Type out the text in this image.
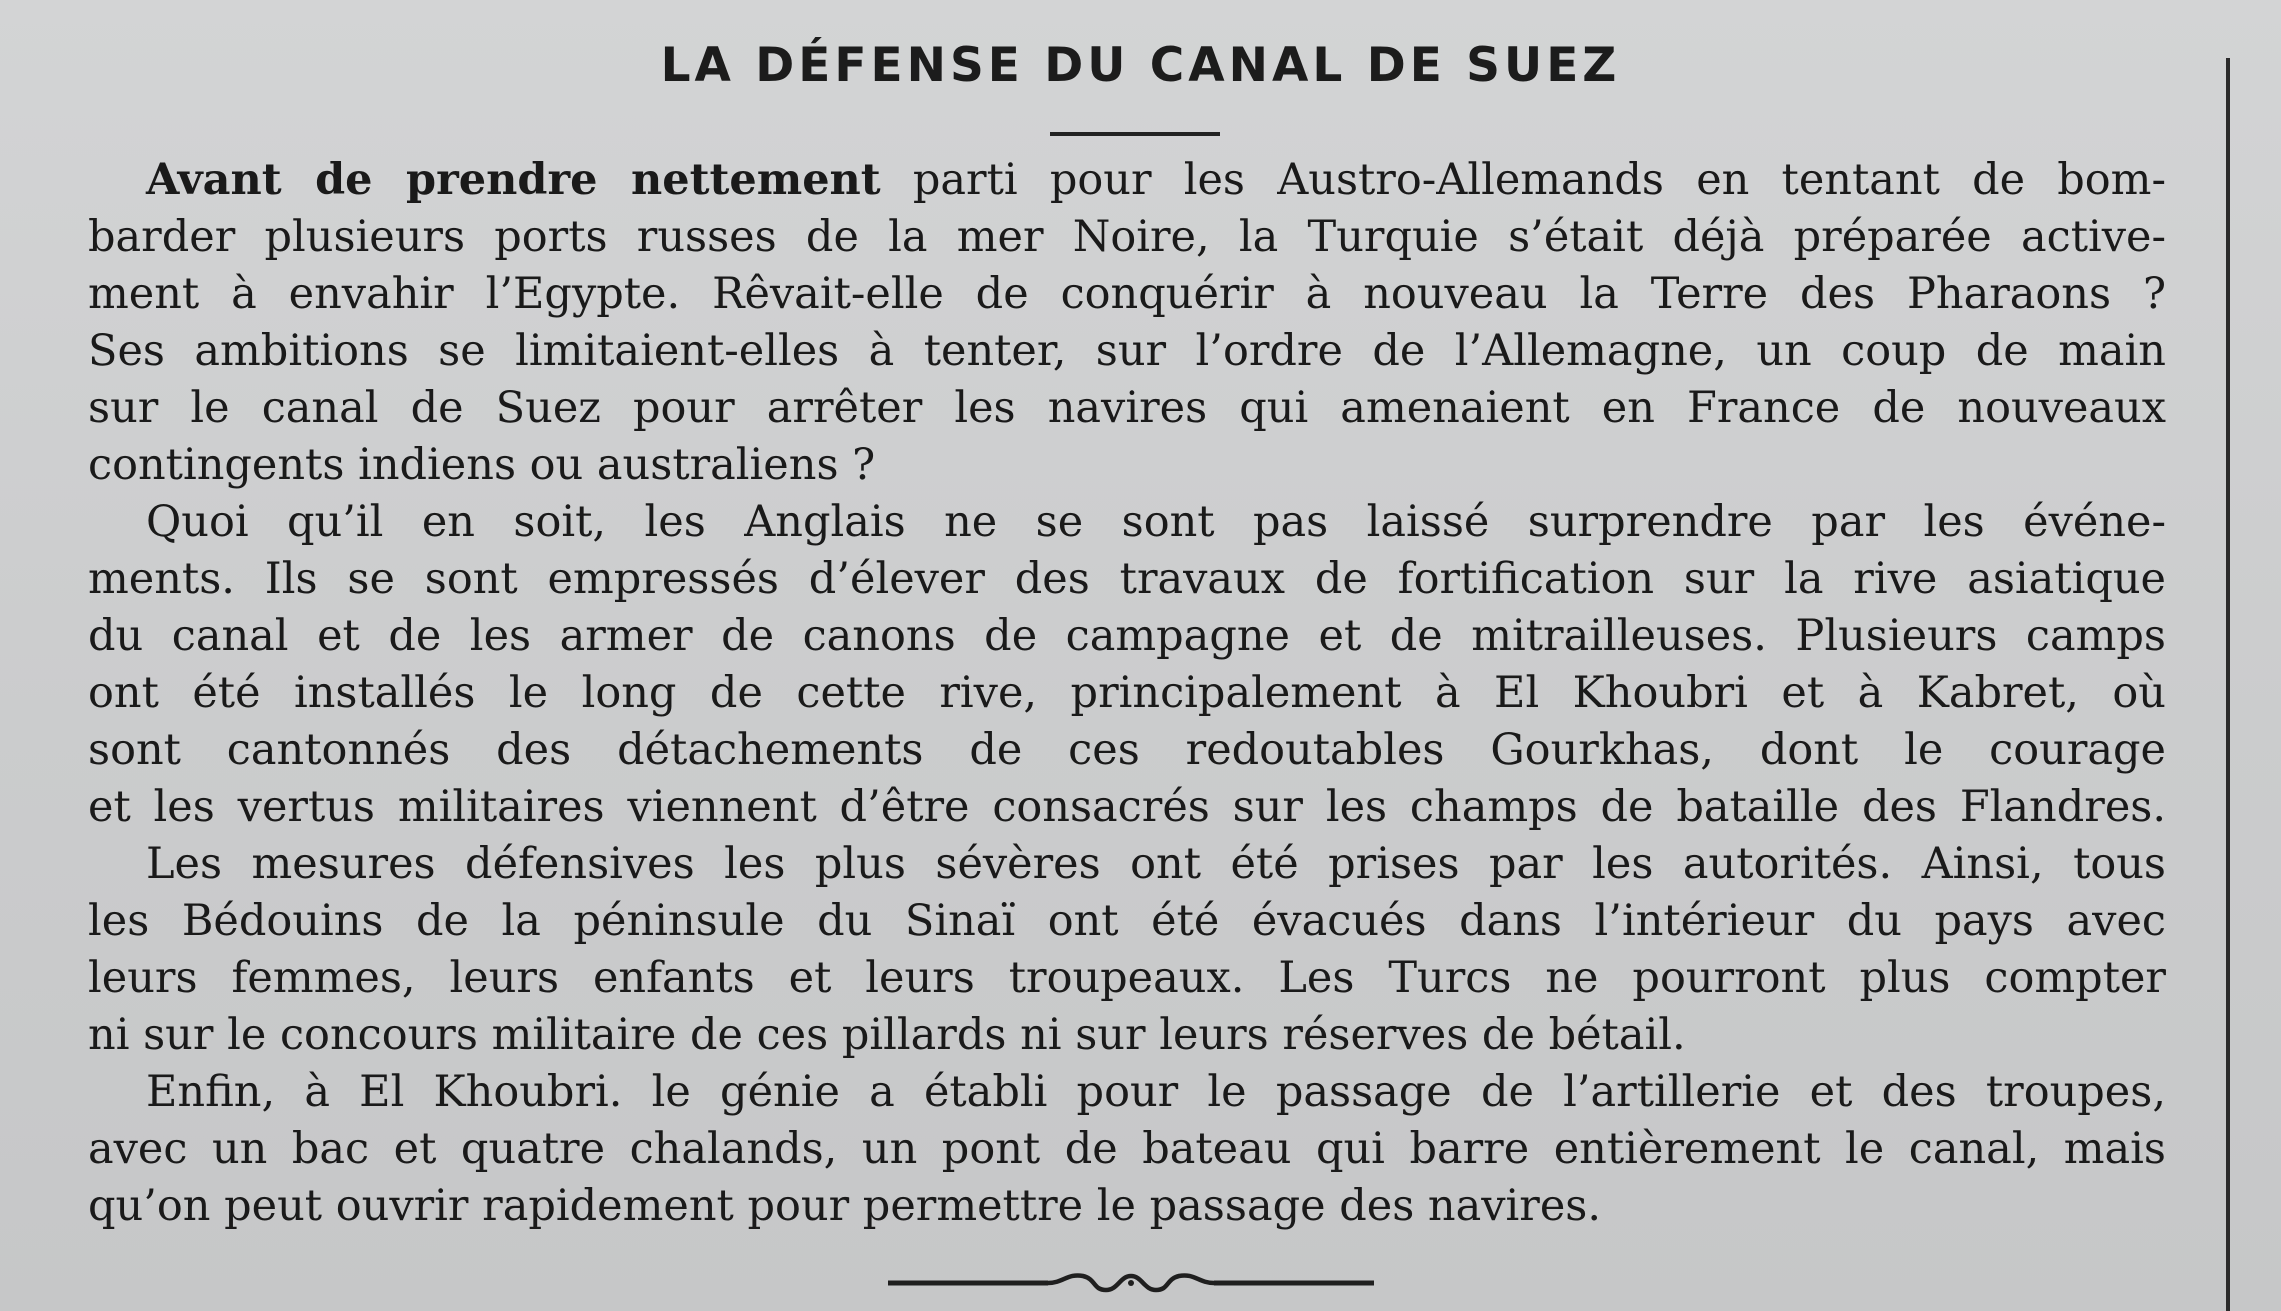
LA DÉFENSE DU CANAL DE SUEZ
Avant de prendre nettement parti pour les Austro-Allemands en tentant de bom-
barder plusieurs ports russes de la mer Noire, la Turquie s’était déjà préparée active-
ment à envahir l’Egypte. Rêvait-elle de conquérir à nouveau la Terre des Pharaons ?
Ses ambitions se limitaient-elles à tenter, sur l’ordre de l’Allemagne, un coup de main
sur le canal de Suez pour arrêter les navires qui amenaient en France de nouveaux
contingents indiens ou australiens ?
Quoi qu’il en soit, les Anglais ne se sont pas laissé surprendre par les événe-
ments. Ils se sont empressés d’élever des travaux de fortification sur la rive asiatique
du canal et de les armer de canons de campagne et de mitrailleuses. Plusieurs camps
ont été installés le long de cette rive, principalement à El Khoubri et à Kabret, où
sont cantonnés des détachements de ces redoutables Gourkhas, dont le courage
et les vertus militaires viennent d’être consacrés sur les champs de bataille des Flandres.
Les mesures défensives les plus sévères ont été prises par les autorités. Ainsi, tous
les Bédouins de la péninsule du Sinaï ont été évacués dans l’intérieur du pays avec
leurs femmes, leurs enfants et leurs troupeaux. Les Turcs ne pourront plus compter
ni sur le concours militaire de ces pillards ni sur leurs réserves de bétail.
Enfin, à El Khoubri. le génie a établi pour le passage de l’artillerie et des troupes,
avec un bac et quatre chalands, un pont de bateau qui barre entièrement le canal, mais
qu’on peut ouvrir rapidement pour permettre le passage des navires.
